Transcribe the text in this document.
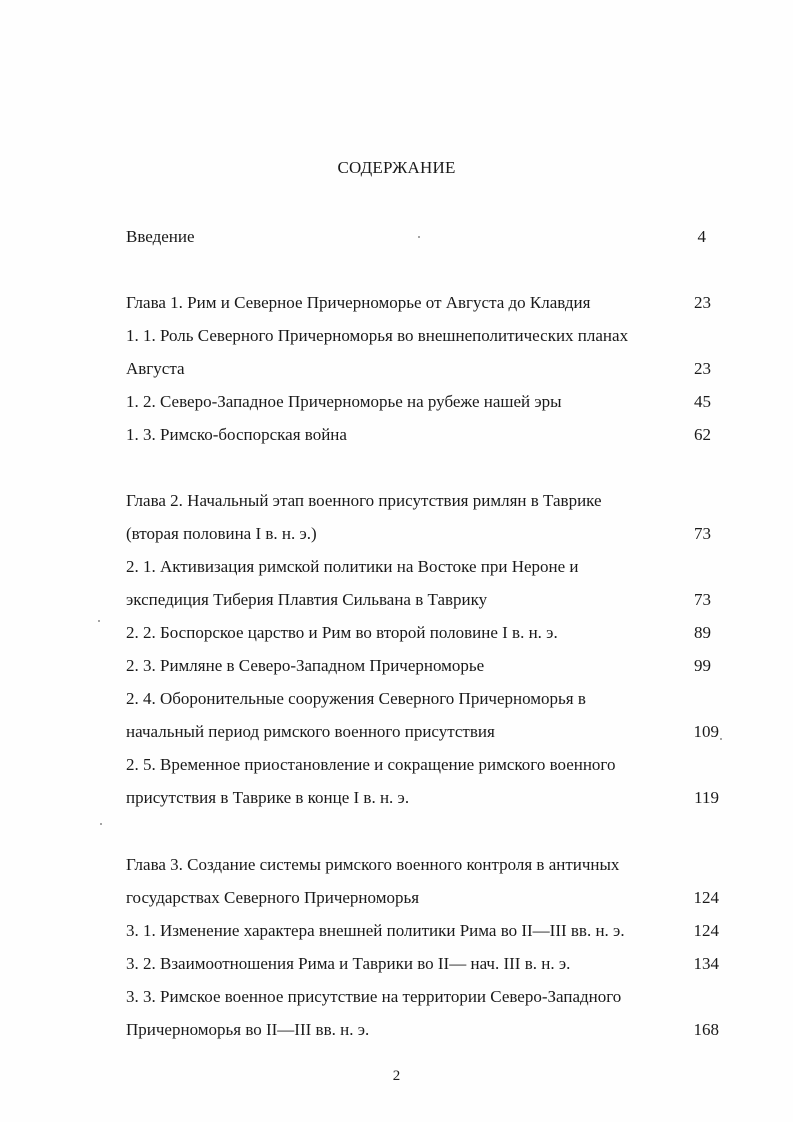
СОДЕРЖАНИЕ
Введение	4
Глава 1. Рим и Северное Причерноморье от Августа до Клавдия	23
1. 1. Роль Северного Причерноморья во внешнеполитических планах
Августа	23
1. 2. Северо-Западное Причерноморье на рубеже нашей эры	45
1. 3. Римско-боспорская война	62
Глава 2. Начальный этап военного присутствия римлян в Таврике
(вторая половина I в. н. э.)	73
2. 1. Активизация римской политики на Востоке при Нероне и
экспедиция Тиберия Плавтия Сильвана в Таврику	73
2. 2. Боспорское царство и Рим во второй половине I в. н. э.	89
2. 3. Римляне в Северо-Западном Причерноморье	99
2. 4. Оборонительные сооружения Северного Причерноморья в
начальный период римского военного присутствия	109
2. 5. Временное приостановление и сокращение римского военного
присутствия в Таврике в конце I в. н. э.	119
Глава 3. Создание системы римского военного контроля в античных
государствах Северного Причерноморья	124
3. 1. Изменение характера внешней политики Рима во II—III вв. н. э.	124
3. 2. Взаимоотношения Рима и Таврики во II— нач. III в. н. э.	134
3. 3. Римское военное присутствие на территории Северо-Западного
Причерноморья во II—III вв. н. э.	168
2
